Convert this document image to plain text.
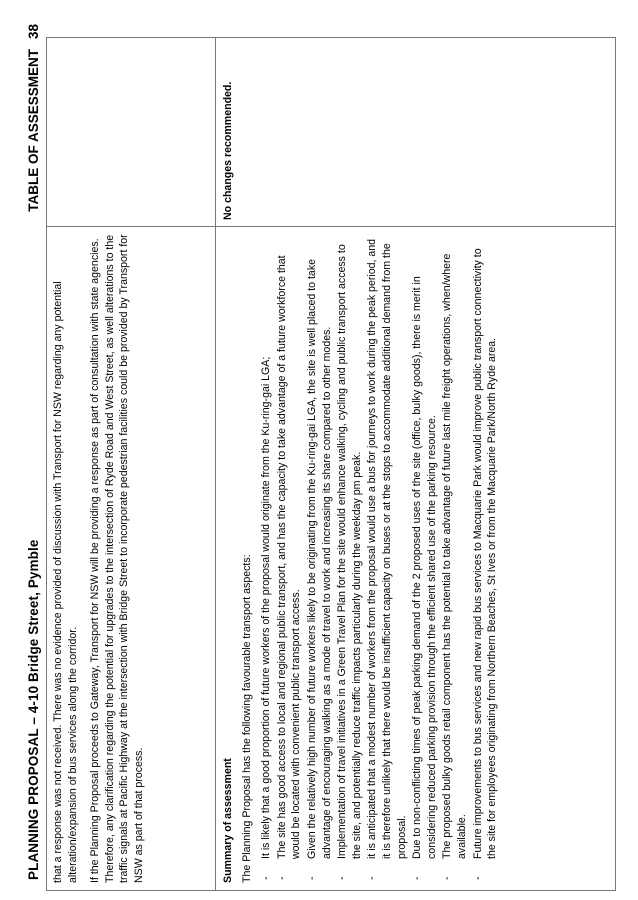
PLANNING PROPOSAL – 4-10 Bridge Street, Pymble
TABLE OF ASSESSMENT38

that a response was not received. There was no evidence provided of discussion with Transport for NSW regarding any potential alteration/expansion of bus services along the corridor. If the Planning Proposal proceeds to Gateway, Transport for NSW will be providing a response as part of consultation with state agencies. Therefore, any clarification regarding the potential for upgrades to the intersection of Ryde Road and West Street, as well alterations to the traffic signals at Pacific Highway at the intersection with Bridge Street to incorporate pedestrian facilities could be provided by Transport for NSW as part of that process.	Summary of assessment The Planning Proposal has the following favourable transport aspects: -
It is likely that a good proportion of future workers of the proposal would originate from the Ku-ring-gai LGA;
-
The site has good access to local and regional public transport, and has the capacity to take advantage of a future workforce that would be located with convenient public transport access.
-
Given the relatively high number of future workers likely to be originating from the Ku-ring-gai LGA, the site is well placed to take advantage of encouraging walking as a mode of travel to work and increasing its share compared to other modes.
-
Implementation of travel initiatives in a Green Travel Plan for the site would enhance walking, cycling and public transport access to the site, and potentially reduce traffic impacts particularly during the weekday pm peak.
-
it is anticipated that a modest number of workers from the proposal would use a bus for journeys to work during the peak period, and it is therefore unlikely that there would be insufficient capacity on buses or at the stops to accommodate additional demand from the proposal.
-
Due to non-conflicting times of peak parking demand of the 2 proposed uses of the site (office, bulky goods), there is merit in considering reduced parking provision through the efficient shared use of the parking resource.
-
The proposed bulky goods retail component has the potential to take advantage of future last mile freight operations, when/where available.
-
Future improvements to bus services and new rapid bus services to Macquarie Park would improve public transport connectivity to the site for employees originating from Northern Beaches, St Ives or from the Macquarie Park/North Ryde area.
No changes recommended.
